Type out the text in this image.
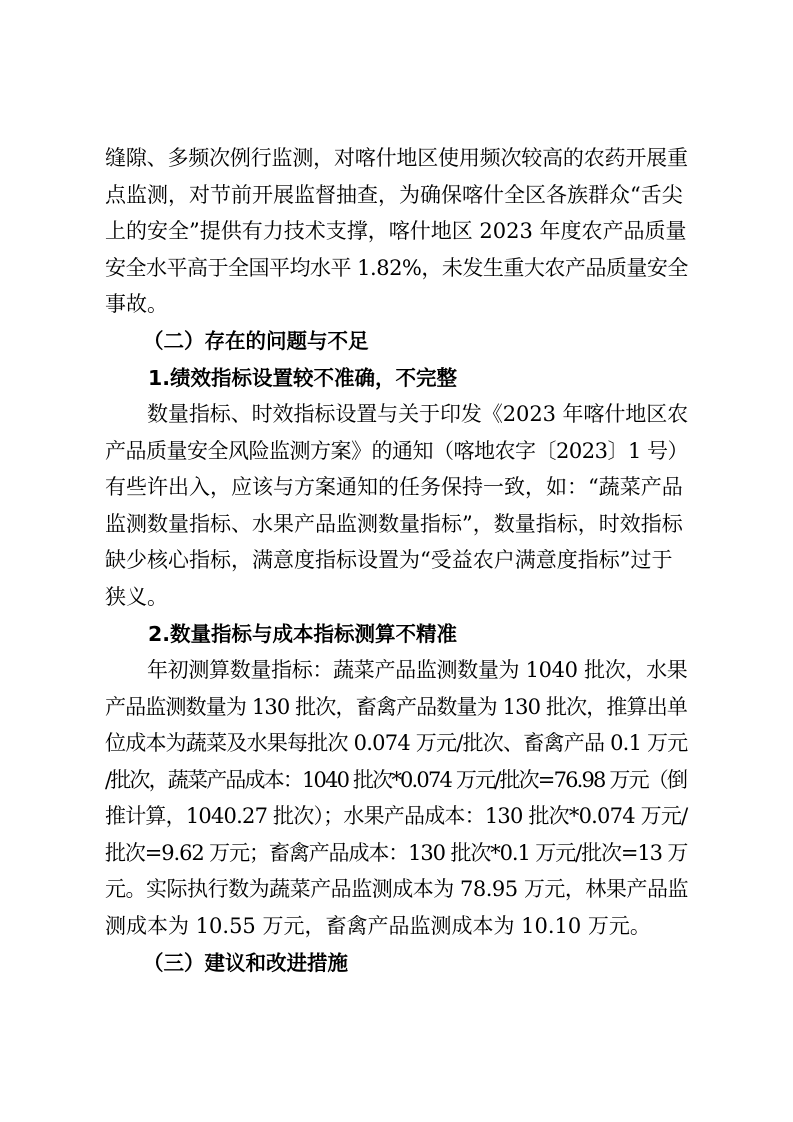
缝隙、多频次例行监测，对喀什地区使用频次较高的农药开展重
点监测，对节前开展监督抽查，为确保喀什全区各族群众“舌尖
上的安全”提供有力技术支撑，喀什地区 2023 年度农产品质量
安全水平高于全国平均水平 1.82%，未发生重大农产品质量安全
事故。
（二）存在的问题与不足
1.绩效指标设置较不准确，不完整
数量指标、时效指标设置与关于印发《2023 年喀什地区农
产品质量安全风险监测方案》的通知（喀地农字〔2023〕1 号）
有些许出入，应该与方案通知的任务保持一致，如：“蔬菜产品
监测数量指标、水果产品监测数量指标”，数量指标，时效指标
缺少核心指标，满意度指标设置为“受益农户满意度指标”过于
狭义。
2.数量指标与成本指标测算不精准
年初测算数量指标：蔬菜产品监测数量为 1040 批次，水果
产品监测数量为 130 批次，畜禽产品数量为 130 批次，推算出单
位成本为蔬菜及水果每批次 0.074 万元/批次、畜禽产品 0.1 万元
/批次，蔬菜产品成本：1040 批次*0.074 万元/批次=76.98 万元（倒
推计算，1040.27 批次）；水果产品成本：130 批次*0.074 万元/
批次=9.62 万元；畜禽产品成本：130 批次*0.1 万元/批次=13 万
元。实际执行数为蔬菜产品监测成本为 78.95 万元，林果产品监
测成本为 10.55 万元，畜禽产品监测成本为 10.10 万元。
（三）建议和改进措施
